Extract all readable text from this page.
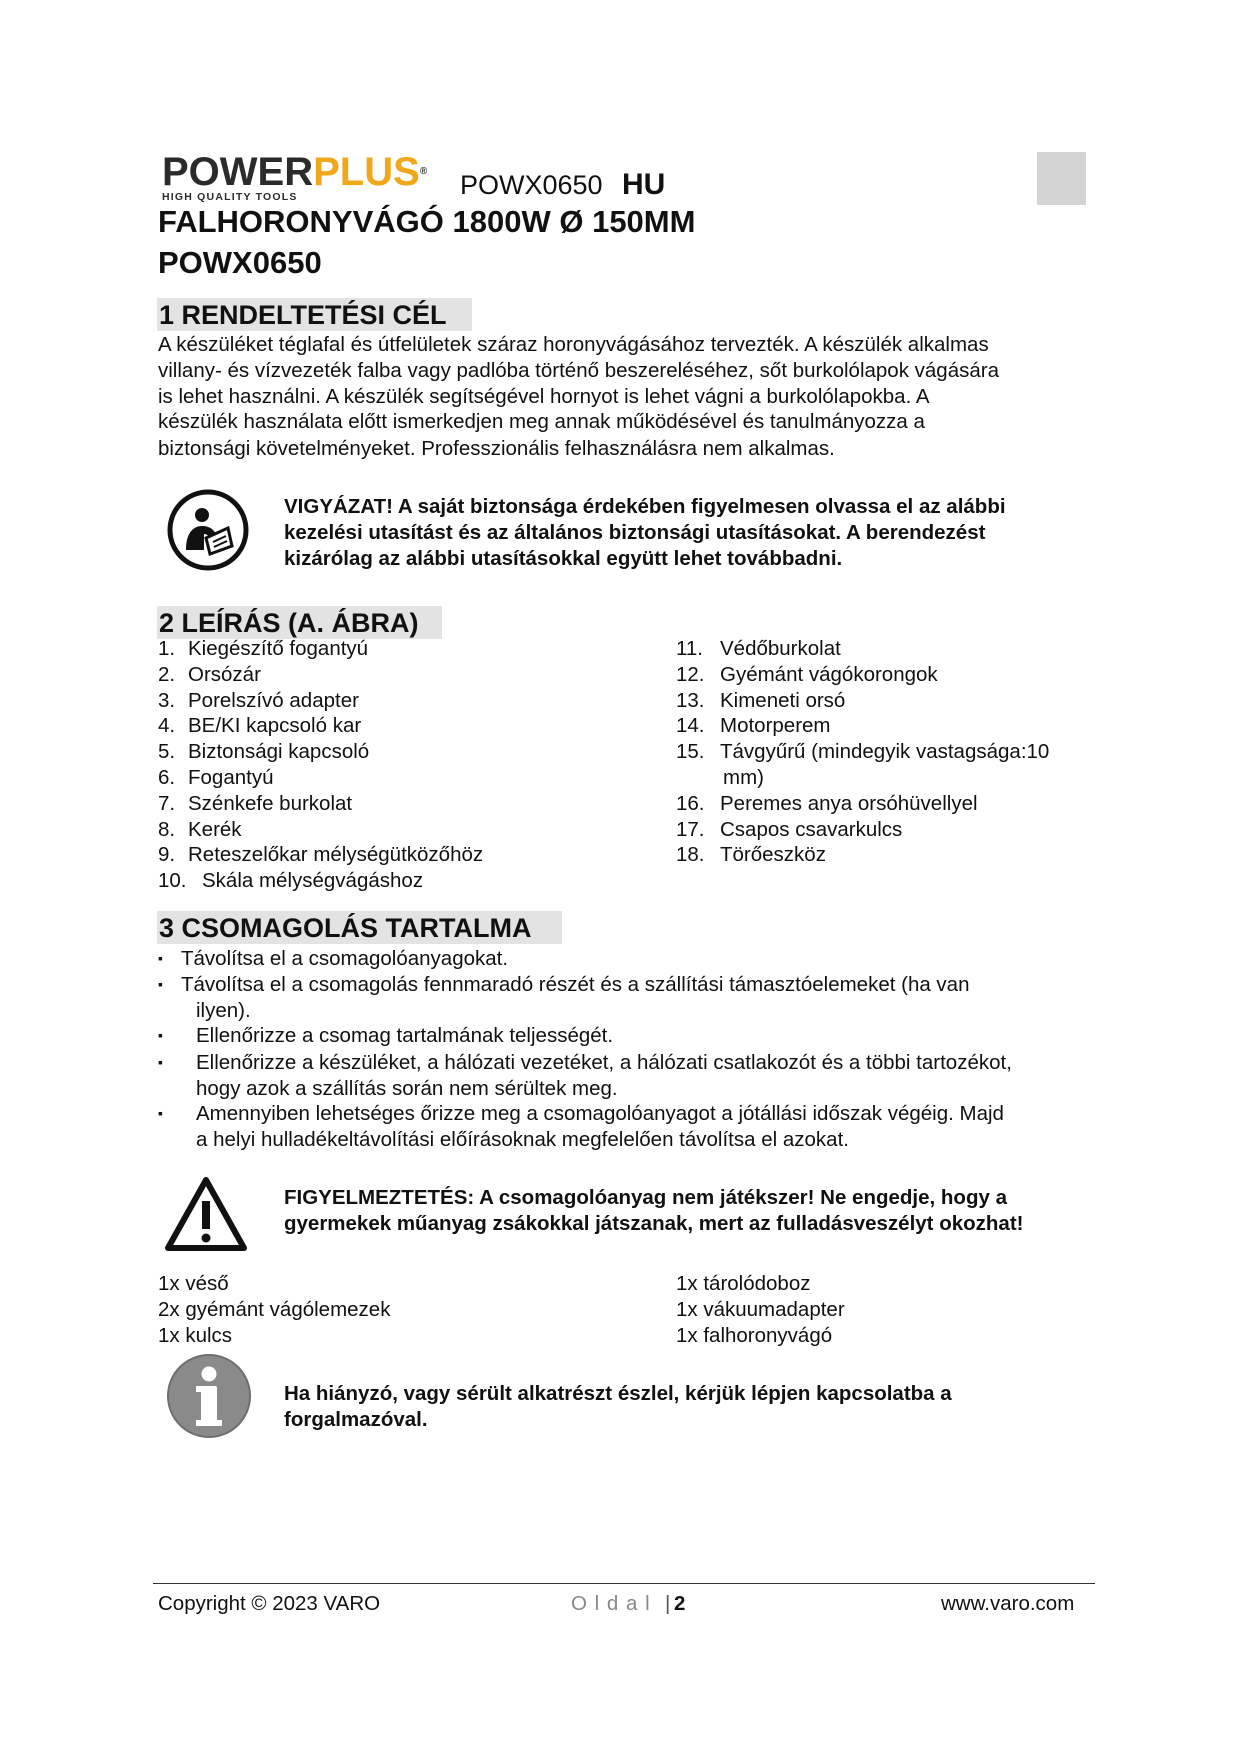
POWERPLUS®
HIGH QUALITY TOOLS	POWX0650 HU
FALHORONYVÁGÓ 1800W Ø 150MM
POWX0650
1 RENDELTETÉSI CÉL
A készüléket téglafal és útfelületek száraz horonyvágásához tervezték. A készülék alkalmas
villany- és vízvezeték falba vagy padlóba történő beszereléséhez, sőt burkolólapok vágására
is lehet használni. A készülék segítségével hornyot is lehet vágni a burkolólapokba. A
készülék használata előtt ismerkedjen meg annak működésével és tanulmányozza a
biztonsági követelményeket. Professzionális felhasználásra nem alkalmas.
VIGYÁZAT! A saját biztonsága érdekében figyelmesen olvassa el az alábbi
kezelési utasítást és az általános biztonsági utasításokat. A berendezést
kizárólag az alábbi utasításokkal együtt lehet továbbadni.
2 LEÍRÁS (A. ÁBRA)
1. Kiegészítő fogantyú
2. Orsózár
3. Porelszívó adapter
4. BE/KI kapcsoló kar
5. Biztonsági kapcsoló
6. Fogantyú
7. Szénkefe burkolat
8. Kerék
9. Reteszelőkar mélységütközőhöz
10. Skála mélységvágáshoz
11. Védőburkolat
12. Gyémánt vágókorongok
13. Kimeneti orsó
14. Motorperem
15. Távgyűrű (mindegyik vastagsága:10
mm)
16. Peremes anya orsóhüvellyel
17. Csapos csavarkulcs
18. Törőeszköz
3 CSOMAGOLÁS TARTALMA
▪ Távolítsa el a csomagolóanyagokat.
▪ Távolítsa el a csomagolás fennmaradó részét és a szállítási támasztóelemeket (ha van
ilyen).
▪	Ellenőrizze a csomag tartalmának teljességét.
▪	Ellenőrizze a készüléket, a hálózati vezetéket, a hálózati csatlakozót és a többi tartozékot,
hogy azok a szállítás során nem sérültek meg.
▪	Amennyiben lehetséges őrizze meg a csomagolóanyagot a jótállási időszak végéig. Majd
a helyi hulladékeltávolítási előírásoknak megfelelően távolítsa el azokat.
FIGYELMEZTETÉS: A csomagolóanyag nem játékszer! Ne engedje, hogy a
gyermekek műanyag zsákokkal játszanak, mert az fulladásveszélyt okozhat!
1x véső
2x gyémánt vágólemezek
1x kulcs
1x tárolódoboz
1x vákuumadapter
1x falhoronyvágó
Ha hiányzó, vagy sérült alkatrészt észlel, kérjük lépjen kapcsolatba a
forgalmazóval.
Copyright © 2023 VARO	O l d a l | 2	www.varo.com
